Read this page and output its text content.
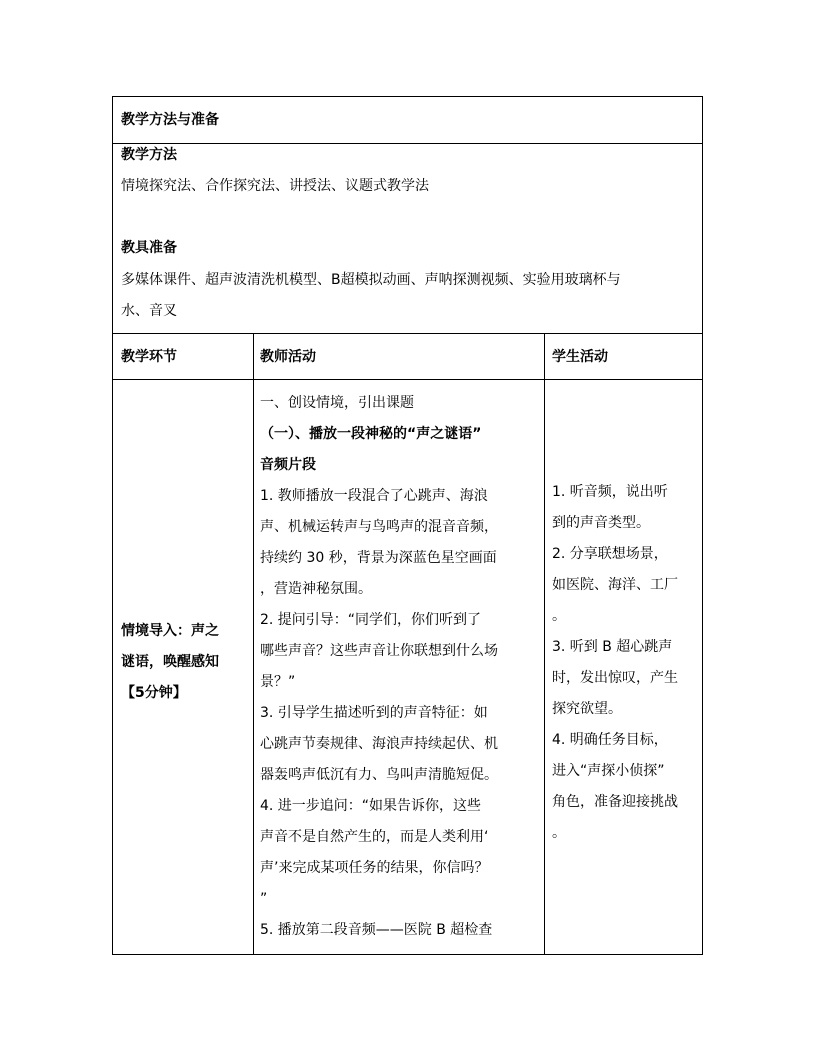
教学方法与准备
教学方法
情境探究法、合作探究法、讲授法、议题式教学法
教具准备
多媒体课件、超声波清洗机模型、B超模拟动画、声呐探测视频、实验用玻璃杯与
水、音叉
教学环节	教师活动	学生活动
情境导入：声之
谜语，唤醒感知
【5分钟】
一、创设情境，引出课题
（一）、播放一段神秘的“声之谜语”
音频片段
1. 教师播放一段混合了心跳声、海浪
声、机械运转声与鸟鸣声的混音音频，
持续约 30 秒，背景为深蓝色星空画面
，营造神秘氛围。
2. 提问引导：“同学们，你们听到了
哪些声音？这些声音让你联想到什么场
景？”
3. 引导学生描述听到的声音特征：如
心跳声节奏规律、海浪声持续起伏、机
器轰鸣声低沉有力、鸟叫声清脆短促。
4. 进一步追问：“如果告诉你，这些
声音不是自然产生的，而是人类利用‘
声’来完成某项任务的结果，你信吗？
”
5. 播放第二段音频——医院 B 超检查
1. 听音频，说出听
到的声音类型。
2. 分享联想场景，
如医院、海洋、工厂
。
3. 听到 B 超心跳声
时，发出惊叹，产生
探究欲望。
4. 明确任务目标，
进入“声探小侦探”
角色，准备迎接挑战
。
